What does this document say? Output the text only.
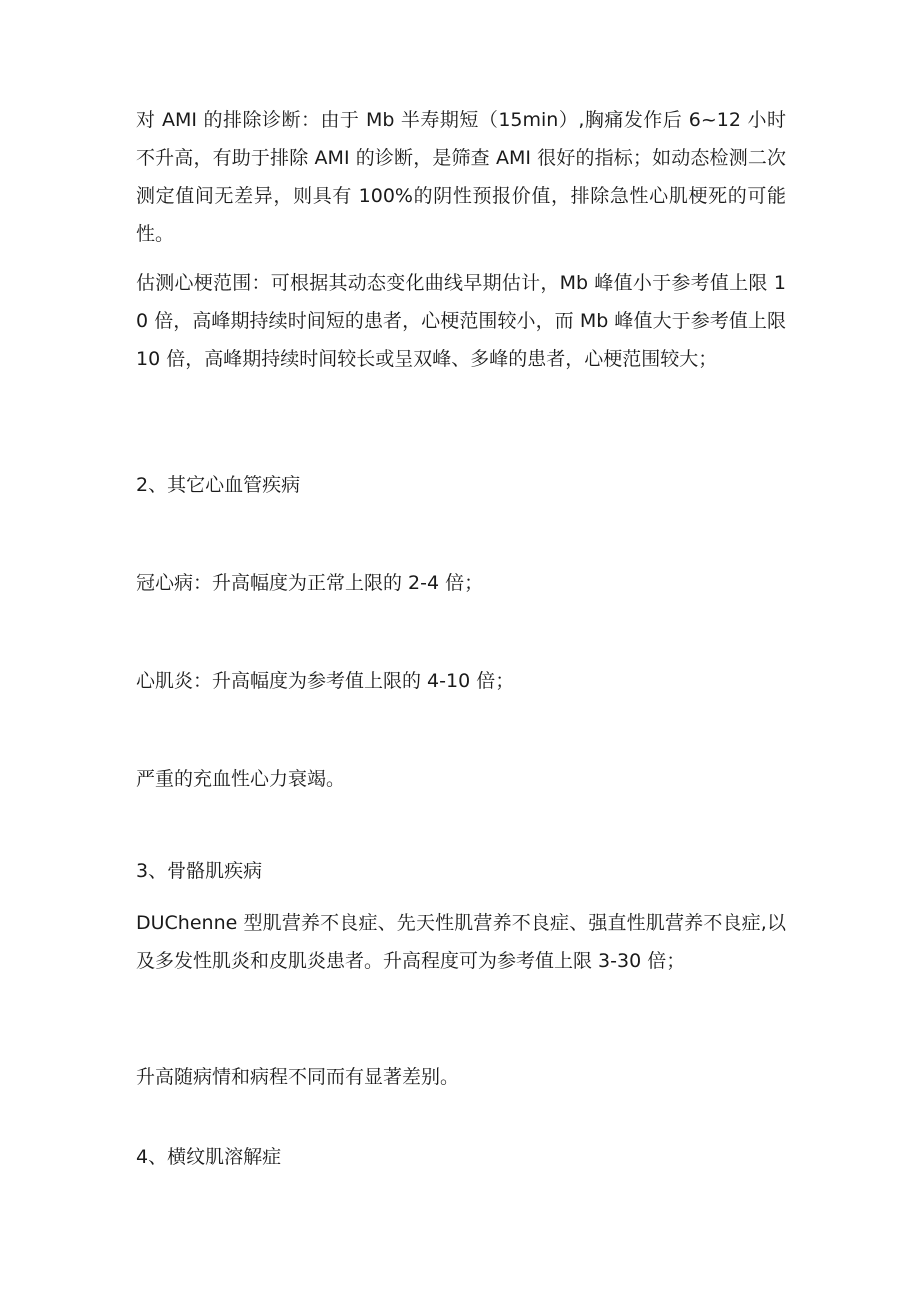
对 AMI 的排除诊断：由于 Mb 半寿期短（15min）,胸痛发作后 6~12 小时不升高，有助于排除 AMI 的诊断，是筛查 AMI 很好的指标；如动态检测二次测定值间无差异，则具有 100%的阴性预报价值，排除急性心肌梗死的可能性。

估测心梗范围：可根据其动态变化曲线早期估计，Mb 峰值小于参考值上限 10 倍，高峰期持续时间短的患者，心梗范围较小，而 Mb 峰值大于参考值上限 10 倍，高峰期持续时间较长或呈双峰、多峰的患者，心梗范围较大；

2、其它心血管疾病

冠心病：升高幅度为正常上限的 2-4 倍；

心肌炎：升高幅度为参考值上限的 4-10 倍；

严重的充血性心力衰竭。

3、骨骼肌疾病

DUChenne 型肌营养不良症、先天性肌营养不良症、强直性肌营养不良症,以及多发性肌炎和皮肌炎患者。升高程度可为参考值上限 3-30 倍；

升高随病情和病程不同而有显著差别。

4、横纹肌溶解症
